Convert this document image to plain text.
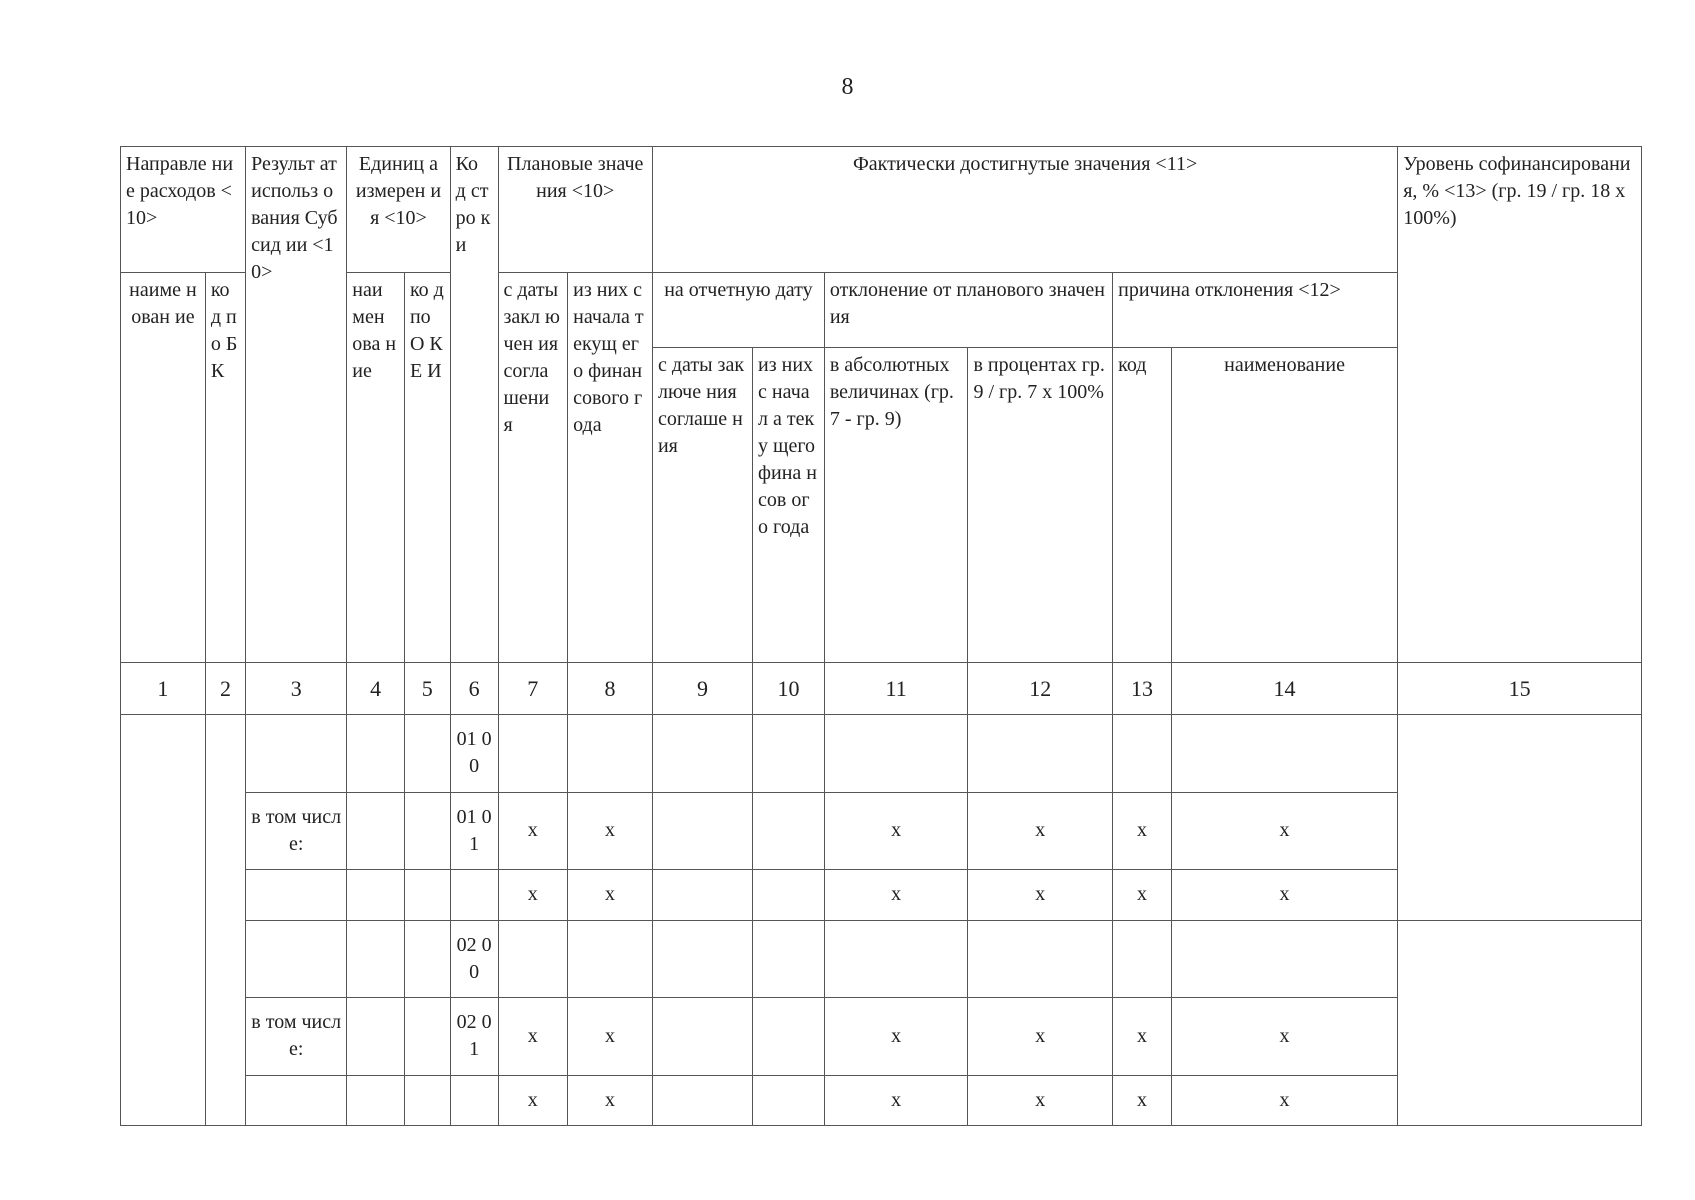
8
Направле ние расходов <10>		Результ ат использ ования Субсид ии <10>	Единиц а измерен ия <10>		Ко д ст ро ки	Плановые значения <10>		Фактически достигнутые значения <11>						Уровень софинансирования, % <13> (гр. 19 / гр. 18 x 100%)
наиме нован ие	ко д по Б К		наи мен ова ние	ко д по О КЕ И		с даты закл ючен ия согла шени я	из них с начала текущ его финан сового года	на отчетную дату		отклонение от планового значения		причина отклонения <12>		
								с даты заключе ния соглаше ния	из них с начал а теку щего фина нсов ого года	в абсолютных величинах (гр. 7 - гр. 9)	в процентах гр. 9 / гр. 7 x 100%	код	наименование	
1	2	3	4	5	6	7	8	9	10	11	12	13	14	15
					01 00									
		в том числе:			01 01	x	x			x	x	x	x	
						x	x			x	x	x	x	
					02 00									
		в том числе:			02 01	x	x			x	x	x	x	
						x	x			x	x	x	x	
